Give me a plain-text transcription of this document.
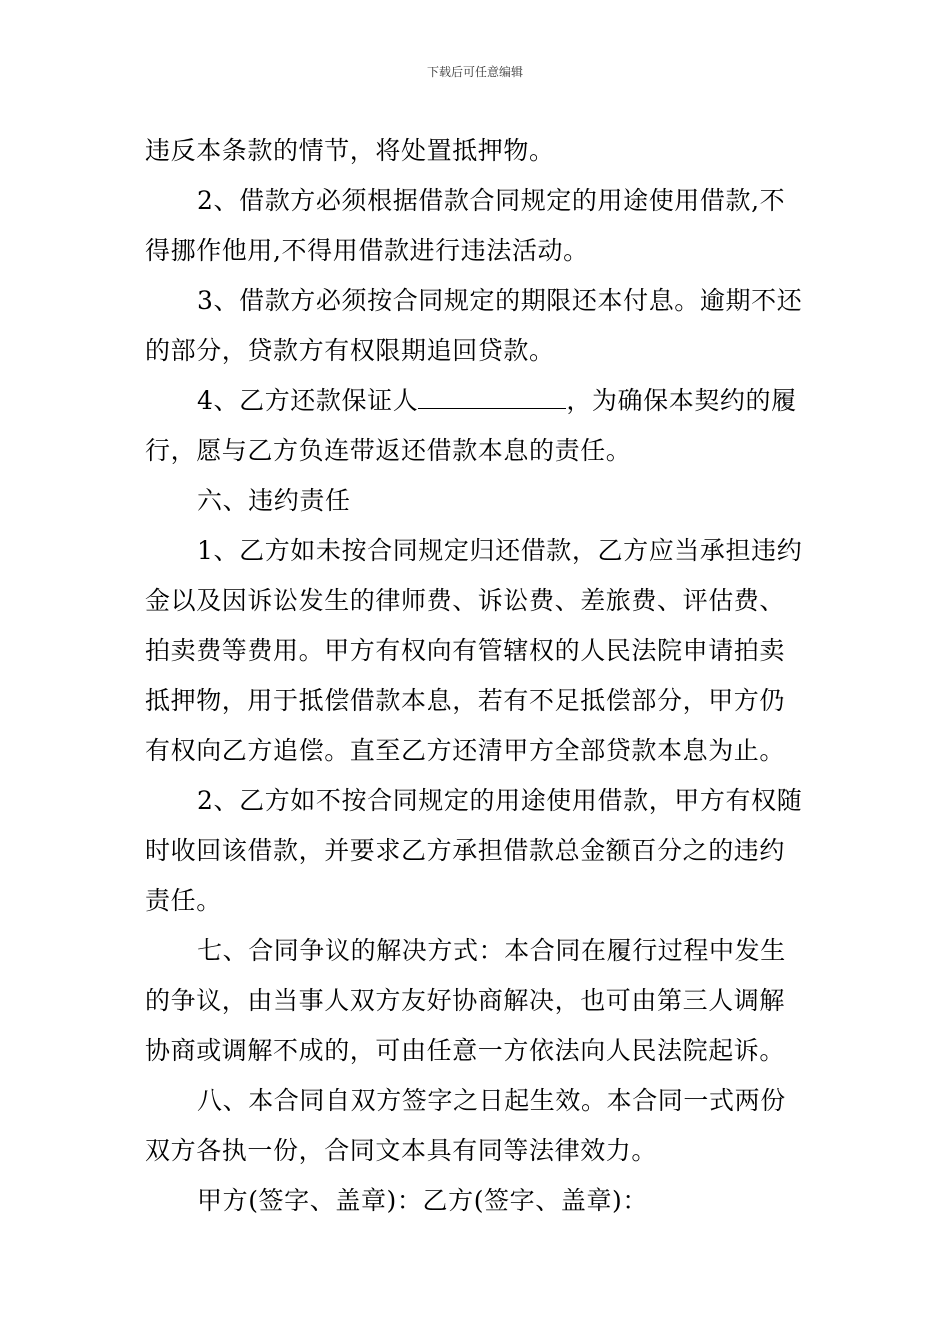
下载后可任意编辑

违反本条款的情节，将处置抵押物。

2、借款方必须根据借款合同规定的用途使用借款,不
得挪作他用,不得用借款进行违法活动。

3、借款方必须按合同规定的期限还本付息。逾期不还
的部分，贷款方有权限期追回贷款。

4、乙方还款保证人	，为确保本契约的履
行，愿与乙方负连带返还借款本息的责任。

六、违约责任

1、乙方如未按合同规定归还借款，乙方应当承担违约
金以及因诉讼发生的律师费、诉讼费、差旅费、评估费、
拍卖费等费用。甲方有权向有管辖权的人民法院申请拍卖
抵押物，用于抵偿借款本息，若有不足抵偿部分，甲方仍
有权向乙方追偿。直至乙方还清甲方全部贷款本息为止。

2、乙方如不按合同规定的用途使用借款，甲方有权随
时收回该借款，并要求乙方承担借款总金额百分之的违约
责任。

七、合同争议的解决方式：本合同在履行过程中发生
的争议，由当事人双方友好协商解决，也可由第三人调解
协商或调解不成的，可由任意一方依法向人民法院起诉。

八、本合同自双方签字之日起生效。本合同一式两份
双方各执一份，合同文本具有同等法律效力。

甲方(签字、盖章)：乙方(签字、盖章)：
